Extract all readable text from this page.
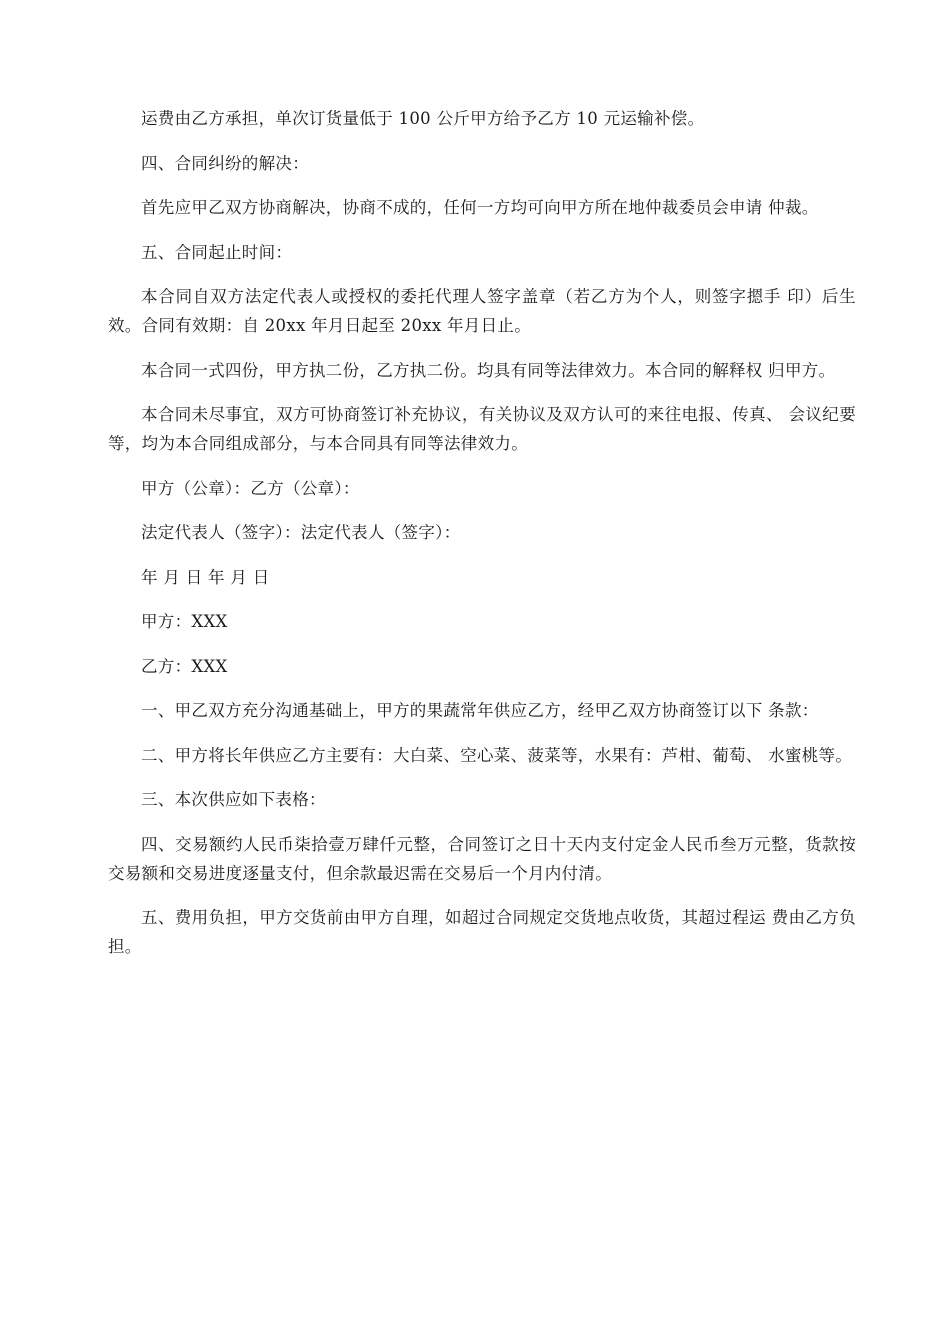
运费由乙方承担，单次订货量低于 100 公斤甲方给予乙方 10 元运输补偿。

四、合同纠纷的解决：

首先应甲乙双方协商解决，协商不成的，任何一方均可向甲方所在地仲裁委员会申请 仲裁。

五、合同起止时间：

本合同自双方法定代表人或授权的委托代理人签字盖章（若乙方为个人，则签字摁手 印）后生效。合同有效期：自 20xx 年月日起至 20xx 年月日止。

本合同一式四份，甲方执二份，乙方执二份。均具有同等法律效力。本合同的解释权 归甲方。

本合同未尽事宜，双方可协商签订补充协议，有关协议及双方认可的来往电报、传真、 会议纪要等，均为本合同组成部分，与本合同具有同等法律效力。

甲方（公章）：乙方（公章）：

法定代表人（签字）：法定代表人（签字）：

年 月 日 年 月 日

甲方：XXX

乙方：XXX

一、甲乙双方充分沟通基础上，甲方的果蔬常年供应乙方，经甲乙双方协商签订以下 条款：

二、甲方将长年供应乙方主要有：大白菜、空心菜、菠菜等，水果有：芦柑、葡萄、 水蜜桃等。

三、本次供应如下表格：

四、交易额约人民币柒拾壹万肆仟元整，合同签订之日十天内支付定金人民币叁万元整，货款按交易额和交易进度逐量支付，但余款最迟需在交易后一个月内付清。

五、费用负担，甲方交货前由甲方自理，如超过合同规定交货地点收货，其超过程运 费由乙方负担。
